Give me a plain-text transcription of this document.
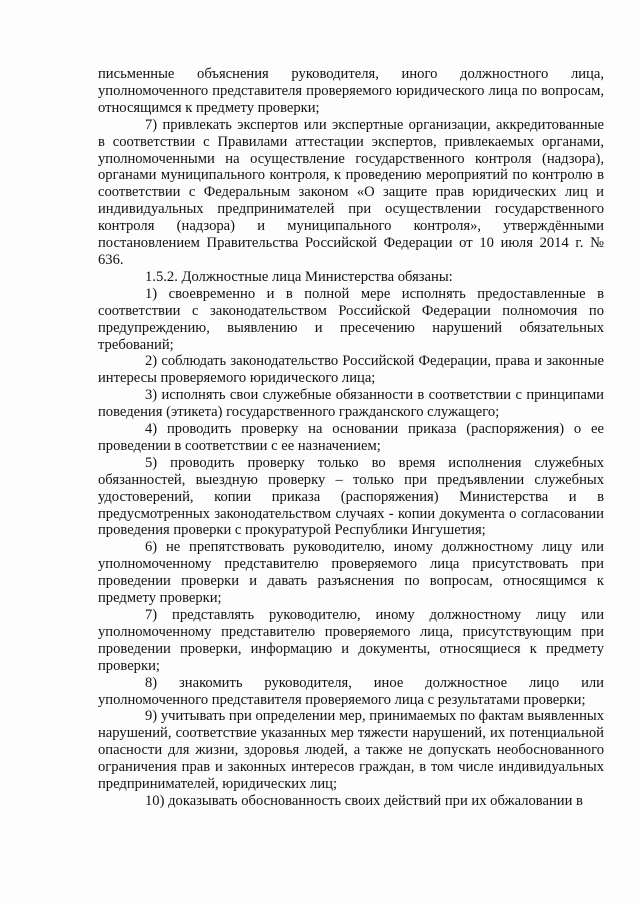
письменные объяснения руководителя, иного должностного лица, уполномоченного представителя проверяемого юридического лица по вопросам, относящимся к предмету проверки;

7) привлекать экспертов или экспертные организации, аккредитованные в соответствии с Правилами аттестации экспертов, привлекаемых органами, уполномоченными на осуществление государственного контроля (надзора), органами муниципального контроля, к проведению мероприятий по контролю в соответствии с Федеральным законом «О защите прав юридических лиц и индивидуальных предпринимателей при осуществлении государственного контроля (надзора) и муниципального контроля», утверждёнными постановлением Правительства Российской Федерации от 10 июля 2014 г. № 636.

1.5.2. Должностные лица Министерства обязаны:

1) своевременно и в полной мере исполнять предоставленные в соответствии с законодательством Российской Федерации полномочия по предупреждению, выявлению и пресечению нарушений обязательных требований;

2) соблюдать законодательство Российской Федерации, права и законные интересы проверяемого юридического лица;

3) исполнять свои служебные обязанности в соответствии с принципами поведения (этикета) государственного гражданского служащего;

4) проводить проверку на основании приказа (распоряжения) о ее проведении в соответствии с ее назначением;

5) проводить проверку только во время исполнения служебных обязанностей, выездную проверку – только при предъявлении служебных удостоверений, копии приказа (распоряжения) Министерства и в предусмотренных законодательством случаях - копии документа о согласовании проведения проверки с прокуратурой Республики Ингушетия;

6) не препятствовать руководителю, иному должностному лицу или уполномоченному представителю проверяемого лица присутствовать при проведении проверки и давать разъяснения по вопросам, относящимся к предмету проверки;

7) представлять руководителю, иному должностному лицу или уполномоченному представителю проверяемого лица, присутствующим при проведении проверки, информацию и документы, относящиеся к предмету проверки;

8) знакомить руководителя, иное должностное лицо или уполномоченного представителя проверяемого лица с результатами проверки;

9) учитывать при определении мер, принимаемых по фактам выявленных нарушений, соответствие указанных мер тяжести нарушений, их потенциальной опасности для жизни, здоровья людей, а также не допускать необоснованного ограничения прав и законных интересов граждан, в том числе индивидуальных предпринимателей, юридических лиц;

10) доказывать обоснованность своих действий при их обжаловании в
